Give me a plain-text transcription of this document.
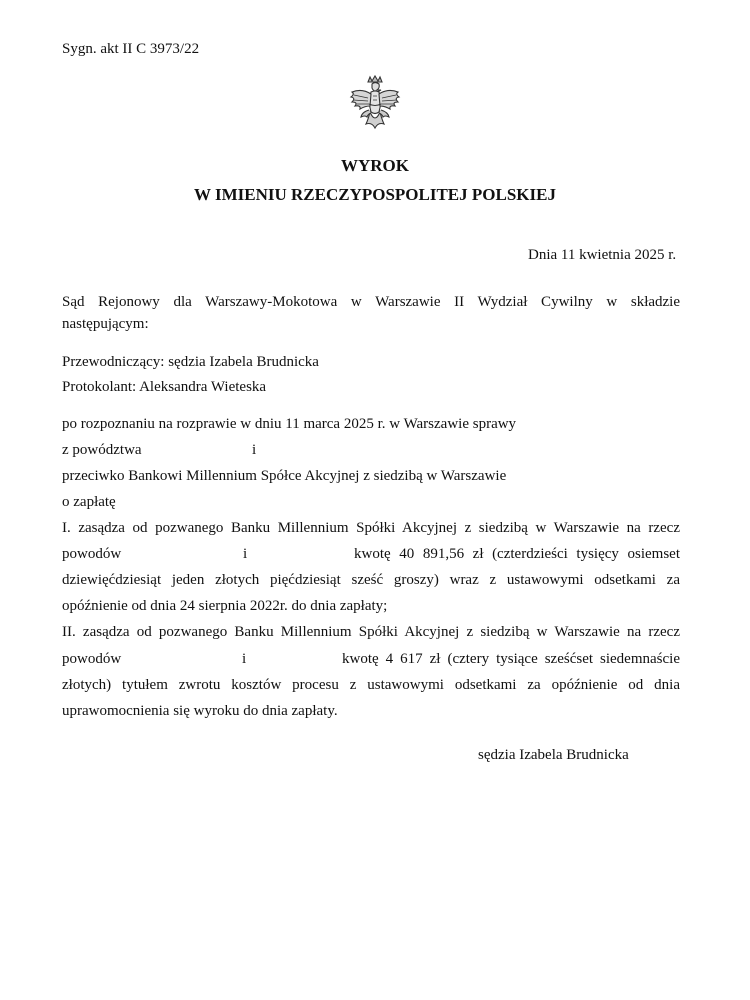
Sygn. akt II C 3973/22
WYROK
W IMIENIU RZECZYPOSPOLITEJ POLSKIEJ
Dnia 11 kwietnia 2025 r.
Sąd Rejonowy dla Warszawy-Mokotowa w Warszawie II Wydział Cywilny w składzie
następującym:
Przewodniczący: sędzia Izabela Brudnicka
Protokolant: Aleksandra Wieteska
po rozpoznaniu na rozprawie w dniu 11 marca 2025 r. w Warszawie sprawy
z powództwa	i
przeciwko Bankowi Millennium Spółce Akcyjnej z siedzibą w Warszawie
o zapłatę
I. zasądza od pozwanego Banku Millennium Spółki Akcyjnej z siedzibą w Warszawie na rzecz
powodów	i	kwotę 40 891,56 zł (czterdzieści tysięcy osiemset
dziewięćdziesiąt jeden złotych pięćdziesiąt sześć groszy) wraz z ustawowymi odsetkami za
opóźnienie od dnia 24 sierpnia 2022r. do dnia zapłaty;
II. zasądza od pozwanego Banku Millennium Spółki Akcyjnej z siedzibą w Warszawie na rzecz
powodów	i	kwotę 4 617 zł (cztery tysiące sześćset siedemnaście
złotych) tytułem zwrotu kosztów procesu z ustawowymi odsetkami za opóźnienie od dnia
uprawomocnienia się wyroku do dnia zapłaty.
sędzia Izabela Brudnicka
